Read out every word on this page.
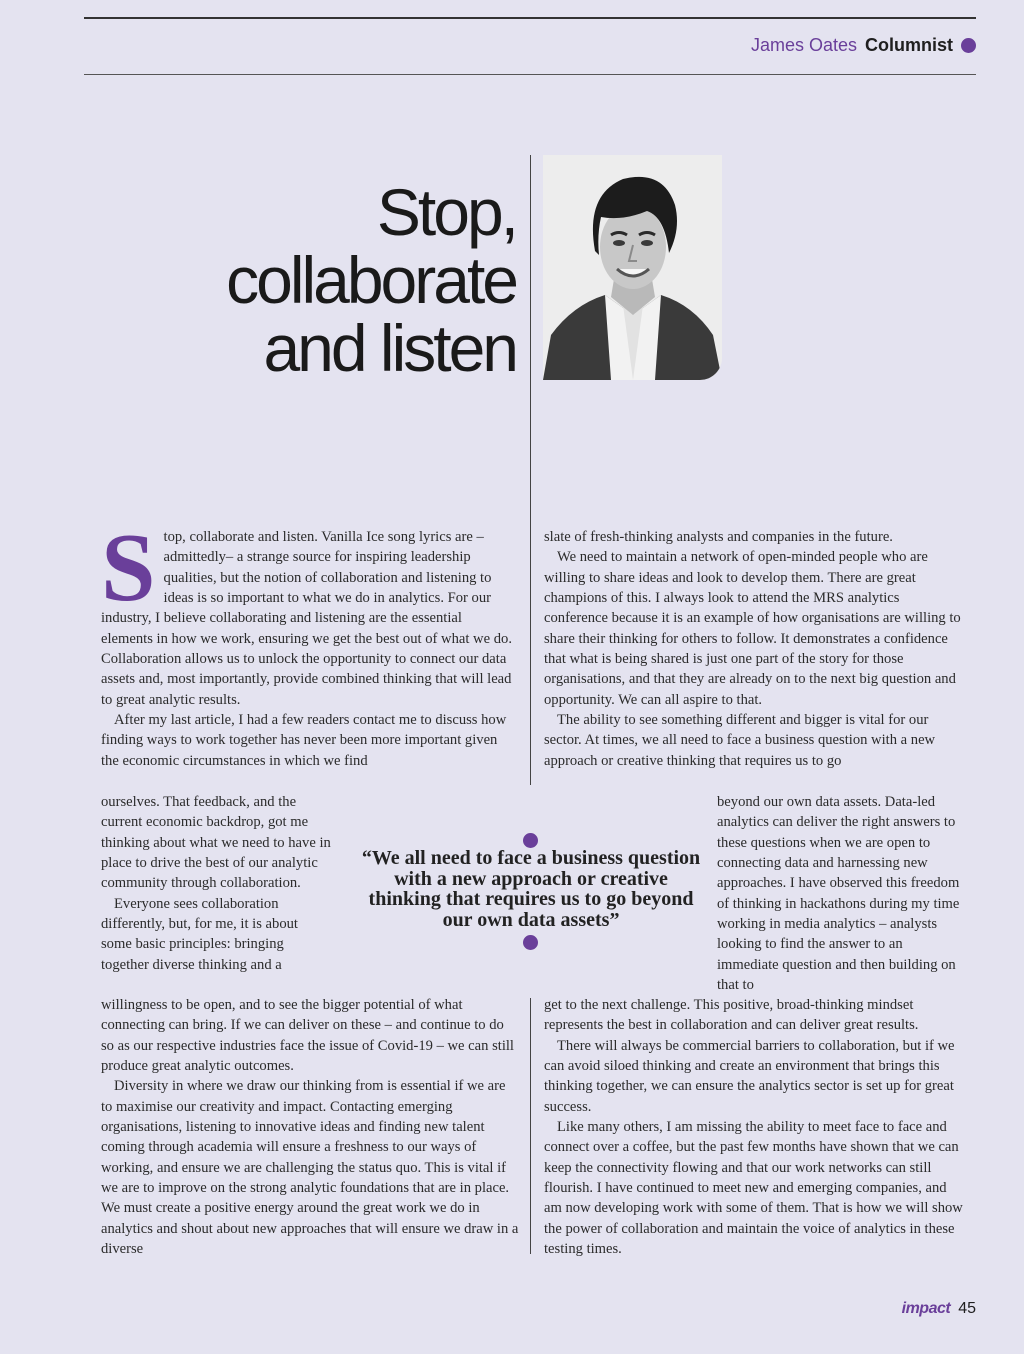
James Oates Columnist
Stop,
collaborate
and listen
S top, collaborate and listen. Vanilla Ice song lyrics are – admittedly– a strange source for inspiring leadership qualities, but the notion of collaboration and listening to ideas is so important to what we do in analytics. For our industry, I believe collaborating and listening are the essential elements in how we work, ensuring we get the best out of what we do. Collaboration allows us to unlock the opportunity to connect our data assets and, most importantly, provide combined thinking that will lead to great analytic results.

After my last article, I had a few readers contact me to discuss how finding ways to work together has never been more important given the economic circumstances in which we find

ourselves. That feedback, and the current economic backdrop, got me thinking about what we need to have in place to drive the best of our analytic community through collaboration.

Everyone sees collaboration differently, but, for me, it is about some basic principles: bringing together diverse thinking and a

willingness to be open, and to see the bigger potential of what connecting can bring. If we can deliver on these – and continue to do so as our respective industries face the issue of Covid-19 – we can still produce great analytic outcomes.

Diversity in where we draw our thinking from is essential if we are to maximise our creativity and impact. Contacting emerging organisations, listening to innovative ideas and finding new talent coming through academia will ensure a freshness to our ways of working, and ensure we are challenging the status quo. This is vital if we are to improve on the strong analytic foundations that are in place. We must create a positive energy around the great work we do in analytics and shout about new approaches that will ensure we draw in a diverse

slate of fresh-thinking analysts and companies in the future.

We need to maintain a network of open-minded people who are willing to share ideas and look to develop them. There are great champions of this. I always look to attend the MRS analytics conference because it is an example of how organisations are willing to share their thinking for others to follow. It demonstrates a confidence that what is being shared is just one part of the story for those organisations, and that they are already on to the next big question and opportunity. We can all aspire to that.

The ability to see something different and bigger is vital for our sector. At times, we all need to face a business question with a new approach or creative thinking that requires us to go

beyond our own data assets. Data-led analytics can deliver the right answers to these questions when we are open to connecting data and harnessing new approaches. I have observed this freedom of thinking in hackathons during my time working in media analytics – analysts looking to find the answer to an immediate question and then building on that to

get to the next challenge. This positive, broad-thinking mindset represents the best in collaboration and can deliver great results.

There will always be commercial barriers to collaboration, but if we can avoid siloed thinking and create an environment that brings this thinking together, we can ensure the analytics sector is set up for great success.

Like many others, I am missing the ability to meet face to face and connect over a coffee, but the past few months have shown that we can keep the connectivity flowing and that our work networks can still flourish. I have continued to meet new and emerging companies, and am now developing work with some of them. That is how we will show the power of collaboration and maintain the voice of analytics in these testing times.

“We all need to face a business question with a new approach or creative thinking that requires us to go beyond our own data assets”
impact 45
